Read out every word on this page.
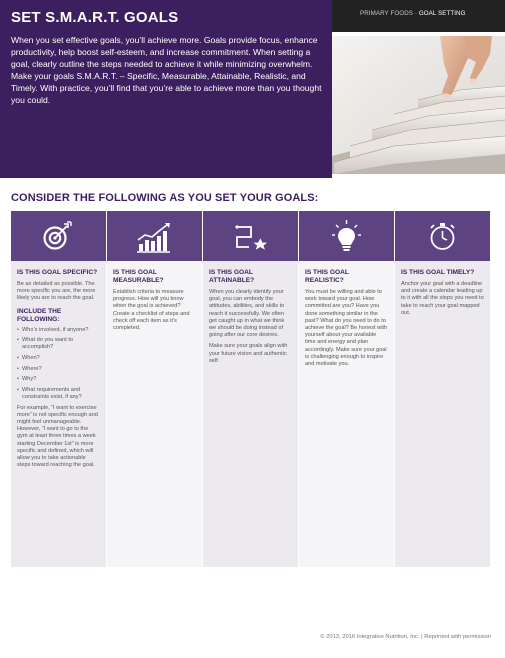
SET S.M.A.R.T. GOALS
When you set effective goals, you’ll achieve more. Goals provide focus, enhance productivity, help boost self-esteem, and increase commitment. When setting a goal, clearly outline the steps needed to achieve it while minimizing overwhelm. Make your goals S.M.A.R.T. – Specific, Measurable, Attainable, Realistic, and Timely. With practice, you’ll find that you’re able to achieve more than you thought you could.
PRIMARY FOODS · GOAL SETTING
CONSIDER THE FOLLOWING AS YOU SET YOUR GOALS:
IS THIS GOAL SPECIFIC?
Be as detailed as possible. The more specific you are, the more likely you are to reach the goal.
INCLUDE THE FOLLOWING:
• Who’s involved, if anyone?
• What do you want to accomplish?
• When?
• Where?
• Why?
• What requirements and constraints exist, if any?
For example, “I want to exercise more” is not specific enough and might feel unmanageable. However, “I want to go to the gym at least three times a week starting December 1st” is more specific and defined, which will allow you to take actionable steps toward reaching the goal.
IS THIS GOAL MEASURABLE?
Establish criteria to measure progress. How will you know when the goal is achieved? Create a checklist of steps and check off each item as it’s completed.
IS THIS GOAL ATTAINABLE?
When you clearly identify your goal, you can embody the attitudes, abilities, and skills to reach it successfully. We often get caught up in what we think we should be doing instead of going after our core desires.
Make sure your goals align with your future vision and authentic self.
IS THIS GOAL REALISTIC?
You must be willing and able to work toward your goal. How committed are you? Have you done something similar in the past? What do you need to do to achieve the goal? Be honest with yourself about your available time and energy and plan accordingly. Make sure your goal is challenging enough to inspire and motivate you.
IS THIS GOAL TIMELY?
Anchor your goal with a deadline and create a calendar leading up to it with all the steps you need to take to reach your goal mapped out.
© 2013, 2016 Integrative Nutrition, Inc. | Reprinted with permission
